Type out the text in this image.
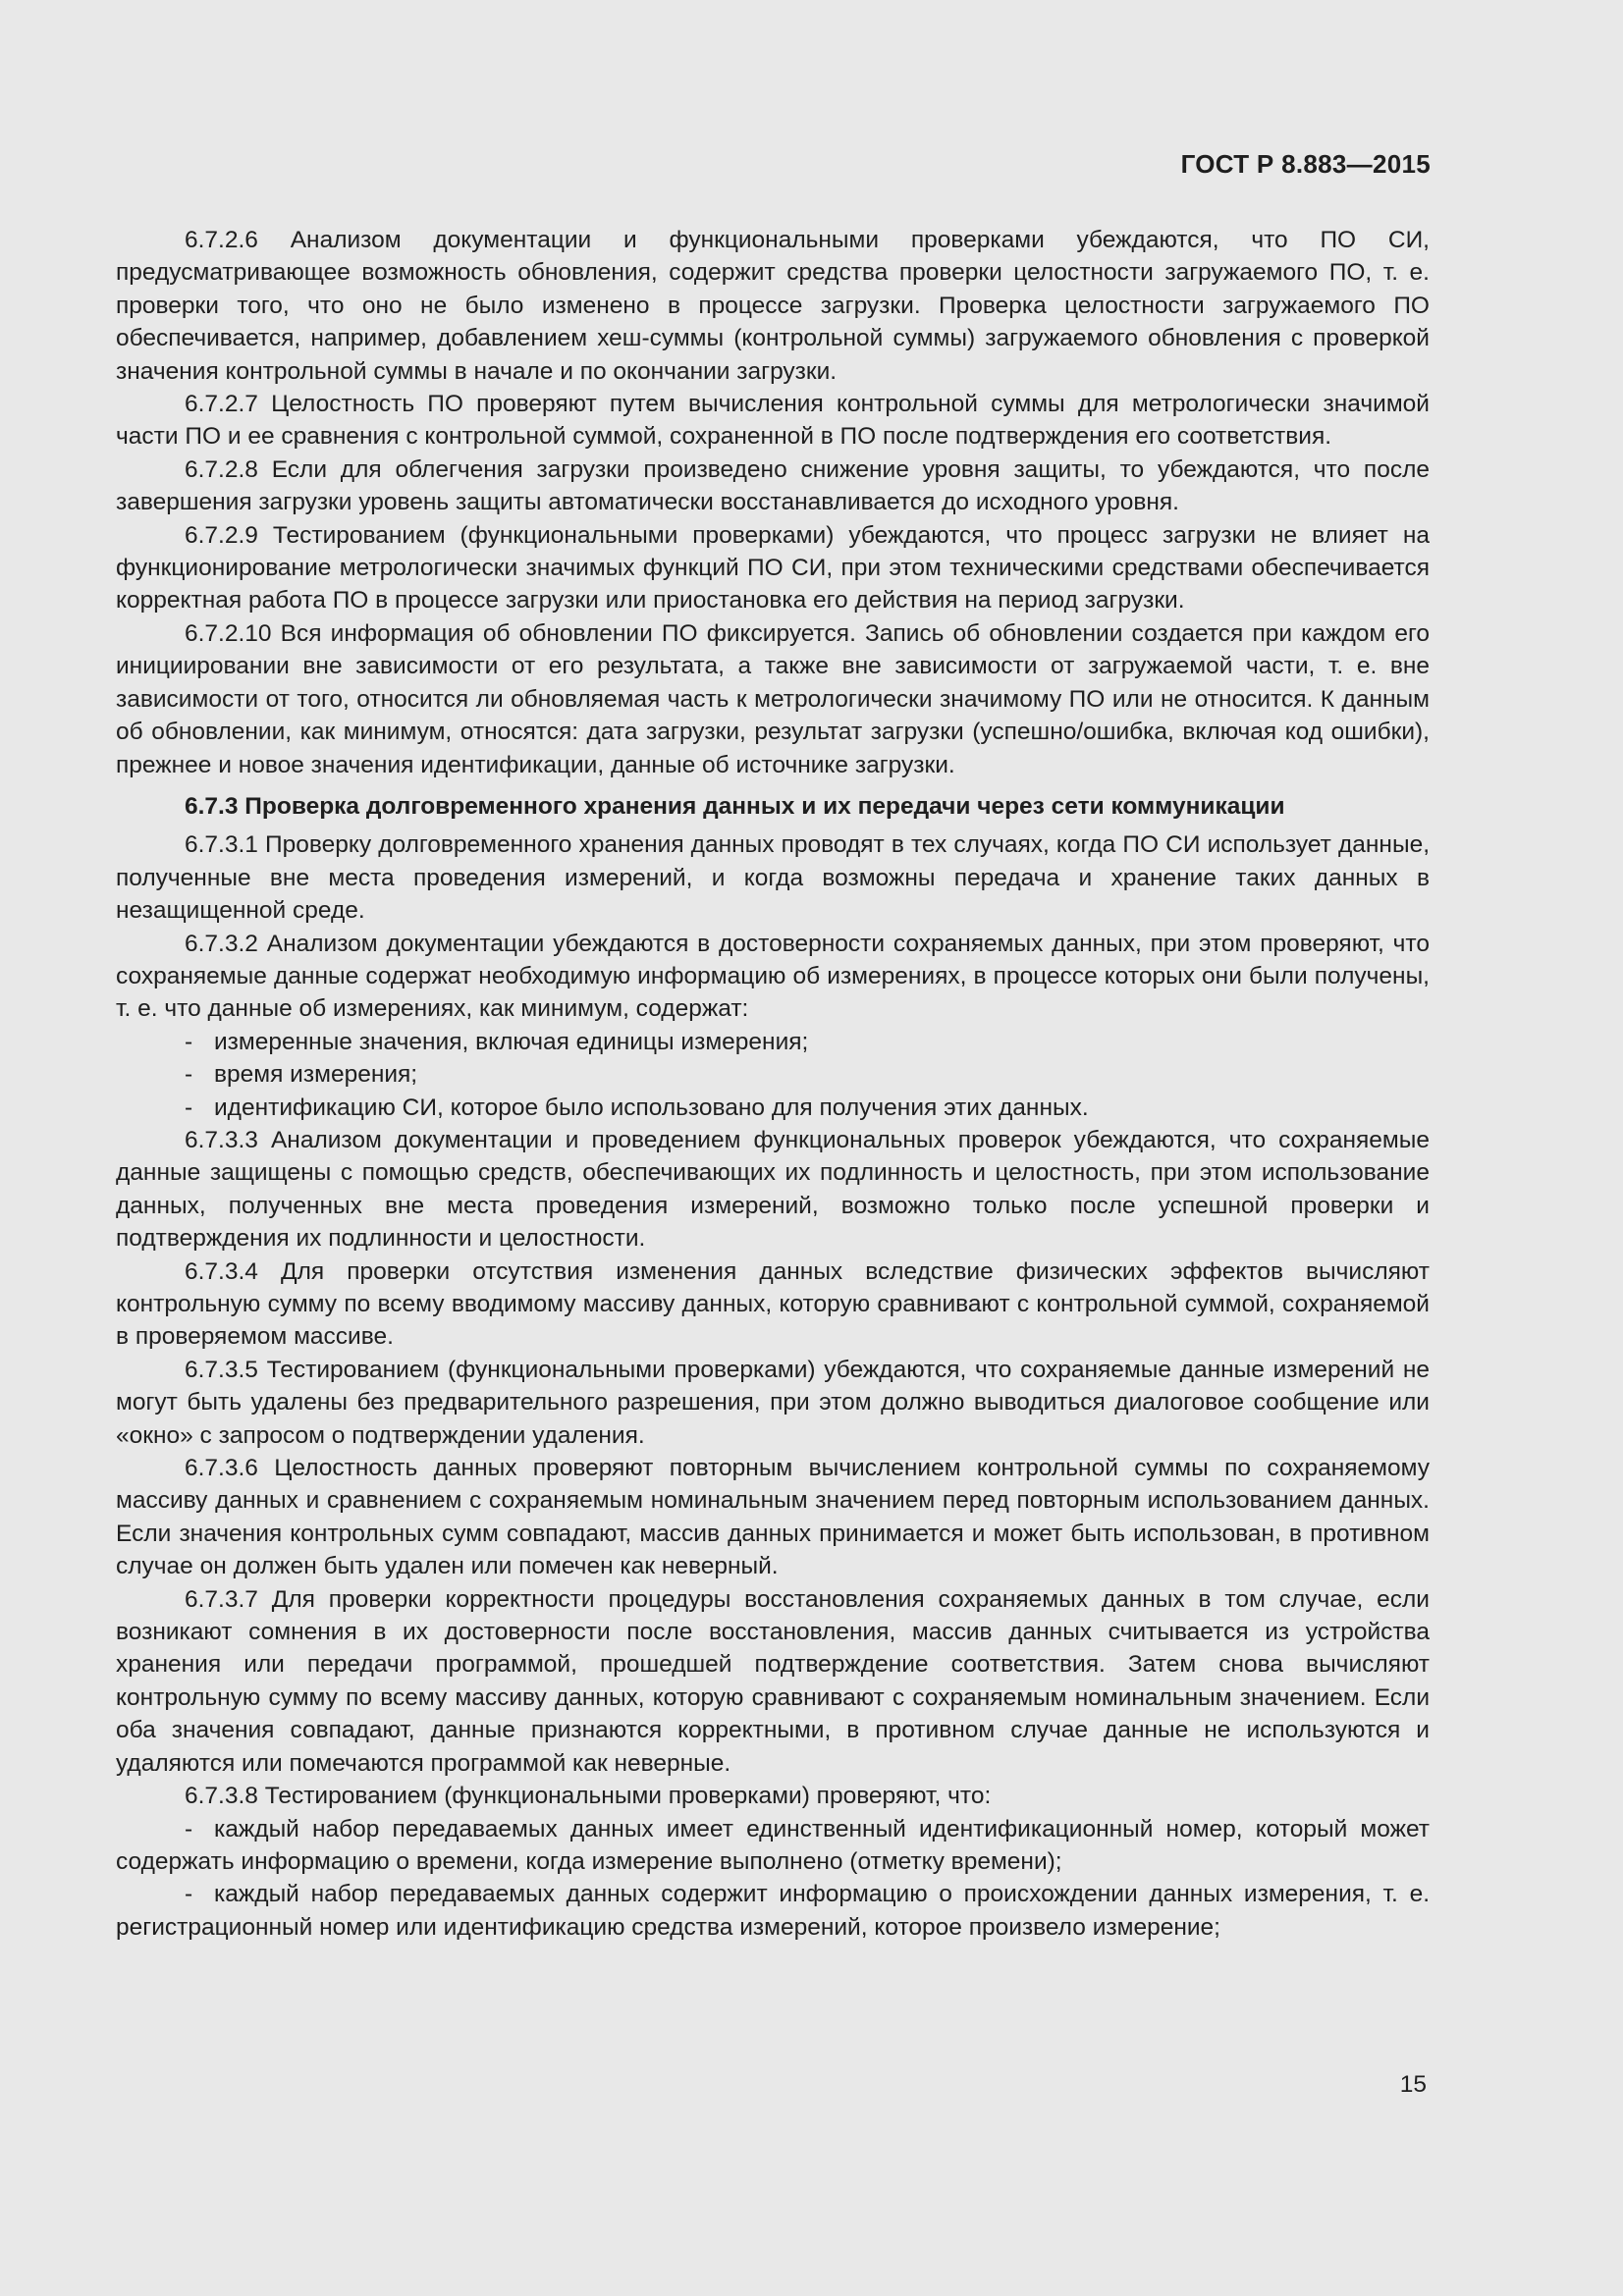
ГОСТ Р 8.883—2015

6.7.2.6 Анализом документации и функциональными проверками убеждаются, что ПО СИ, предусматривающее возможность обновления, содержит средства проверки целостности загружаемого ПО, т. е. проверки того, что оно не было изменено в процессе загрузки. Проверка целостности загружаемого ПО обеспечивается, например, добавлением хеш-суммы (контрольной суммы) загружаемого обновления с проверкой значения контрольной суммы в начале и по окончании загрузки.

6.7.2.7 Целостность ПО проверяют путем вычисления контрольной суммы для метрологически значимой части ПО и ее сравнения с контрольной суммой, сохраненной в ПО после подтверждения его соответствия.

6.7.2.8 Если для облегчения загрузки произведено снижение уровня защиты, то убеждаются, что после завершения загрузки уровень защиты автоматически восстанавливается до исходного уровня.

6.7.2.9 Тестированием (функциональными проверками) убеждаются, что процесс загрузки не влияет на функционирование метрологически значимых функций ПО СИ, при этом техническими средствами обеспечивается корректная работа ПО в процессе загрузки или приостановка его действия на период загрузки.

6.7.2.10 Вся информация об обновлении ПО фиксируется. Запись об обновлении создается при каждом его инициировании вне зависимости от его результата, а также вне зависимости от загружаемой части, т. е. вне зависимости от того, относится ли обновляемая часть к метрологически значимому ПО или не относится. К данным об обновлении, как минимум, относятся: дата загрузки, результат загрузки (успешно/ошибка, включая код ошибки), прежнее и новое значения идентификации, данные об источнике загрузки.

6.7.3 Проверка долговременного хранения данных и их передачи через сети коммуникации

6.7.3.1 Проверку долговременного хранения данных проводят в тех случаях, когда ПО СИ использует данные, полученные вне места проведения измерений, и когда возможны передача и хранение таких данных в незащищенной среде.

6.7.3.2 Анализом документации убеждаются в достоверности сохраняемых данных, при этом проверяют, что сохраняемые данные содержат необходимую информацию об измерениях, в процессе которых они были получены, т. е. что данные об измерениях, как минимум, содержат:

- измеренные значения, включая единицы измерения;

- время измерения;

- идентификацию СИ, которое было использовано для получения этих данных.

6.7.3.3 Анализом документации и проведением функциональных проверок убеждаются, что сохраняемые данные защищены с помощью средств, обеспечивающих их подлинность и целостность, при этом использование данных, полученных вне места проведения измерений, возможно только после успешной проверки и подтверждения их подлинности и целостности.

6.7.3.4 Для проверки отсутствия изменения данных вследствие физических эффектов вычисляют контрольную сумму по всему вводимому массиву данных, которую сравнивают с контрольной суммой, сохраняемой в проверяемом массиве.

6.7.3.5 Тестированием (функциональными проверками) убеждаются, что сохраняемые данные измерений не могут быть удалены без предварительного разрешения, при этом должно выводиться диалоговое сообщение или «окно» с запросом о подтверждении удаления.

6.7.3.6 Целостность данных проверяют повторным вычислением контрольной суммы по сохраняемому массиву данных и сравнением с сохраняемым номинальным значением перед повторным использованием данных. Если значения контрольных сумм совпадают, массив данных принимается и может быть использован, в противном случае он должен быть удален или помечен как неверный.

6.7.3.7 Для проверки корректности процедуры восстановления сохраняемых данных в том случае, если возникают сомнения в их достоверности после восстановления, массив данных считывается из устройства хранения или передачи программой, прошедшей подтверждение соответствия. Затем снова вычисляют контрольную сумму по всему массиву данных, которую сравнивают с сохраняемым номинальным значением. Если оба значения совпадают, данные признаются корректными, в противном случае данные не используются и удаляются или помечаются программой как неверные.

6.7.3.8 Тестированием (функциональными проверками) проверяют, что:

- каждый набор передаваемых данных имеет единственный идентификационный номер, который может содержать информацию о времени, когда измерение выполнено (отметку времени);

- каждый набор передаваемых данных содержит информацию о происхождении данных измерения, т. е. регистрационный номер или идентификацию средства измерений, которое произвело измерение;

15
